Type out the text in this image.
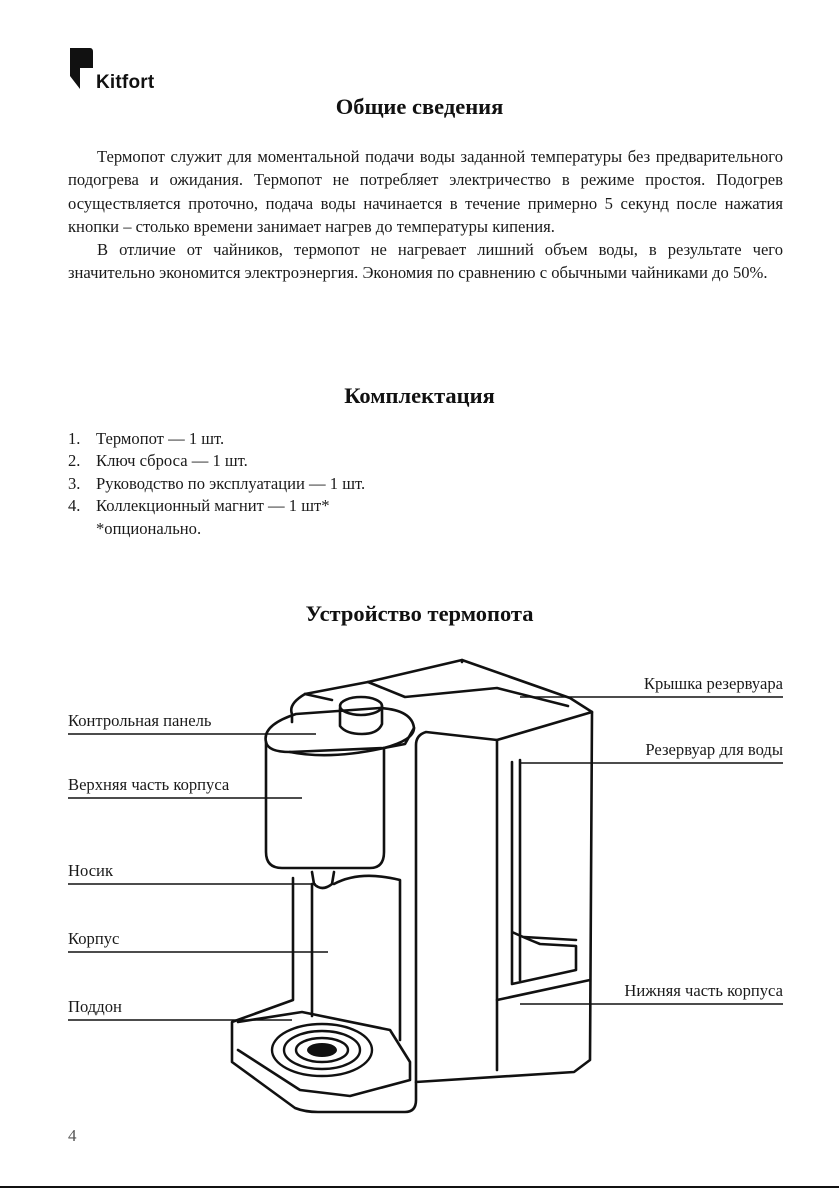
Kitfort
Общие сведения

Термопот служит для моментальной подачи воды заданной температуры без предварительного подогрева и ожидания. Термопот не потребляет электричество в режиме простоя. Подогрев осуществляется проточно, подача воды начинается в течение примерно 5 секунд после нажатия кнопки – столько времени занимает нагрев до температуры кипения.

В отличие от чайников, термопот не нагревает лишний объем воды, в результате чего значительно экономится электроэнергия. Экономия по сравнению с обычными чайниками до 50%.

Комплектация
1. Термопот — 1 шт.
2. Ключ сброса — 1 шт.
3. Руководство по эксплуатации — 1 шт.
4. Коллекционный магнит — 1 шт*
*опционально.
Устройство термопота
Контрольная панель
Верхняя часть корпуса
Носик
Корпус
Поддон
Крышка резервуара
Резервуар для воды
Нижняя часть корпуса
4
